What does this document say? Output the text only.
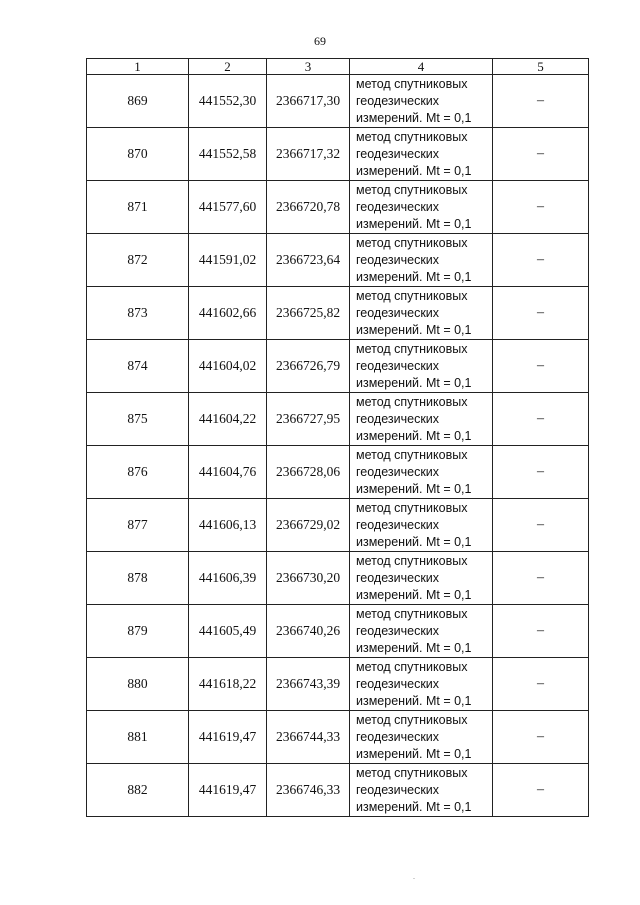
69
1	2	3	4	5
869	441552,30	2366717,30	метод спутниковых геодезических измерений. Mt = 0,1	–
870	441552,58	2366717,32	метод спутниковых геодезических измерений. Mt = 0,1	–
871	441577,60	2366720,78	метод спутниковых геодезических измерений. Mt = 0,1	–
872	441591,02	2366723,64	метод спутниковых геодезических измерений. Mt = 0,1	–
873	441602,66	2366725,82	метод спутниковых геодезических измерений. Mt = 0,1	–
874	441604,02	2366726,79	метод спутниковых геодезических измерений. Mt = 0,1	–
875	441604,22	2366727,95	метод спутниковых геодезических измерений. Mt = 0,1	–
876	441604,76	2366728,06	метод спутниковых геодезических измерений. Mt = 0,1	–
877	441606,13	2366729,02	метод спутниковых геодезических измерений. Mt = 0,1	–
878	441606,39	2366730,20	метод спутниковых геодезических измерений. Mt = 0,1	–
879	441605,49	2366740,26	метод спутниковых геодезических измерений. Mt = 0,1	–
880	441618,22	2366743,39	метод спутниковых геодезических измерений. Mt = 0,1	–
881	441619,47	2366744,33	метод спутниковых геодезических измерений. Mt = 0,1	–
882	441619,47	2366746,33	метод спутниковых геодезических измерений. Mt = 0,1	–
.
